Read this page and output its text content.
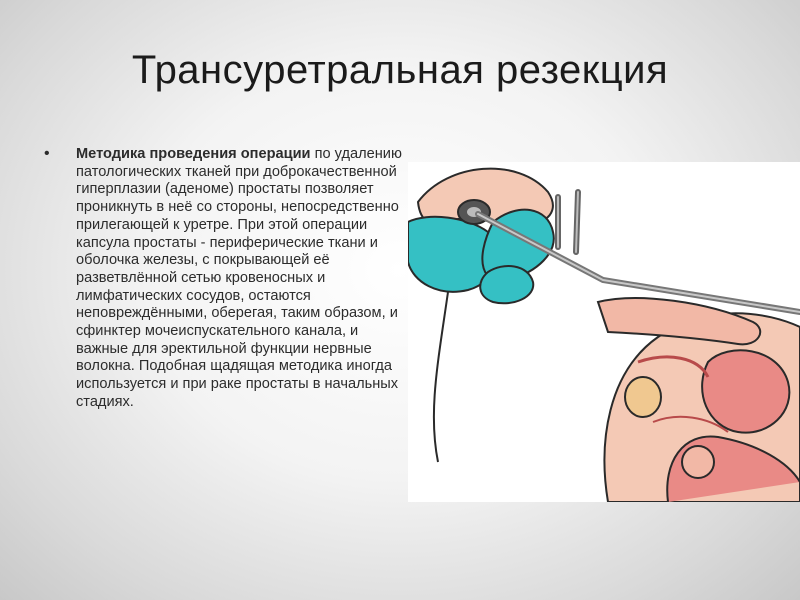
Трансуретральная резекция
• Методика проведения операции по удалению патологических тканей при доброкачественной гиперплазии (аденоме) простаты позволяет проникнуть в неё со стороны, непосредственно прилегающей к уретре. При этой операции капсула простаты - периферические ткани и оболочка железы, с покрывающей её разветвлённой сетью кровеносных и лимфатических сосудов, остаются неповреждёнными, оберегая, таким образом, и сфинктер мочеиспускательного канала, и важные для эректильной функции нервные волокна. Подобная щадящая методика иногда используется и при раке простаты в начальных стадиях.
